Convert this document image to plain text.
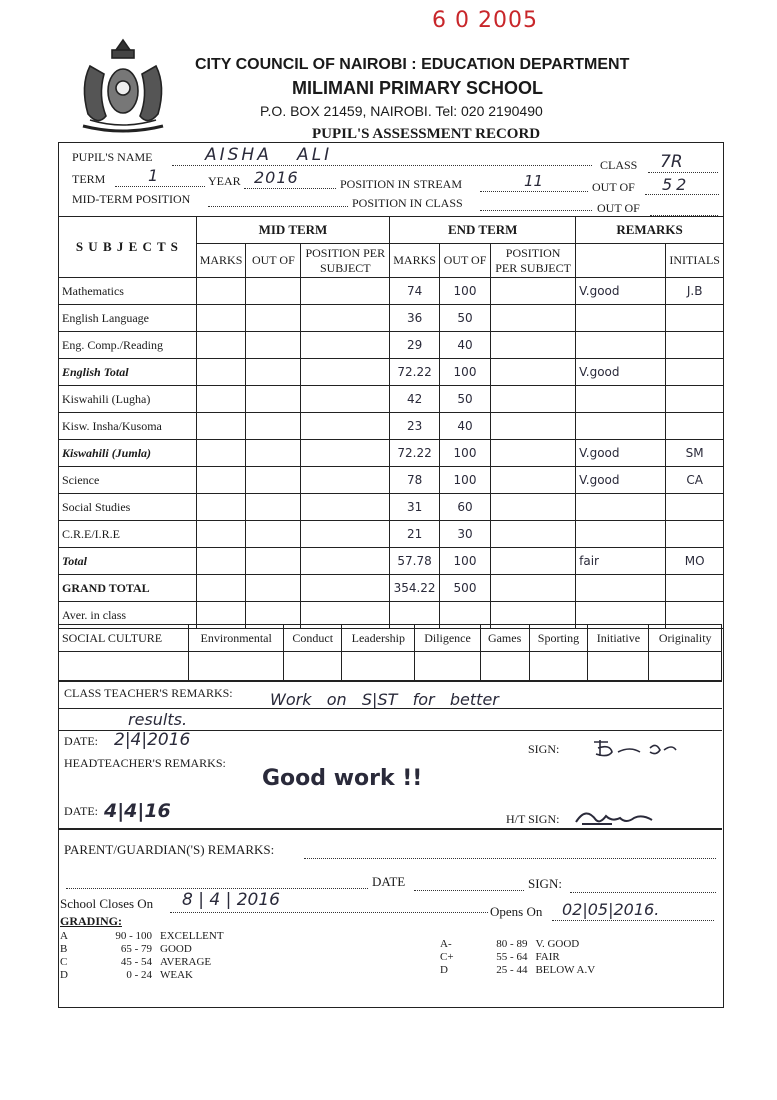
6 0 2005
CITY COUNCIL OF NAIROBI : EDUCATION DEPARTMENT
MILIMANI PRIMARY SCHOOL
P.O. BOX 21459, NAIROBI. Tel: 020 2190490
PUPIL'S ASSESSMENT RECORD
PUPIL'S NAME	AISHA   ALI	CLASS 7R
TERM	1	YEAR 2016	POSITION IN STREAM	11	OUT OF 52
MID-TERM POSITION	POSITION IN CLASS	OUT OF
S U B J E C T S	MID TERM			END TERM			REMARKS	
	MARKS	OUT OF	POSITION PER SUBJECT	MARKS	OUT OF	POSITION PER SUBJECT		INITIALS
Mathematics				74	100		V.good	J.B
English Language				36	50			
Eng. Comp./Reading				29	40			
English Total				72.22	100		V.good	
Kiswahili (Lugha)				42	50			
Kisw. Insha/Kusoma				23	40			
Kiswahili (Jumla)				72.22	100		V.good	SM
Science				78	100		V.good	CA
Social Studies				31	60			
C.R.E/I.R.E				21	30			
Total				57.78	100		fair	MO
GRAND TOTAL				354.22	500			
Aver. in class								
SOCIAL CULTURE	Environmental	Conduct	Leadership	Diligence	Games	Sporting	Initiative	Originality

CLASS TEACHER'S REMARKS: Work   on   S|ST   for   better
results.
DATE: 2|4|2016	SIGN:
HEADTEACHER'S REMARKS:
Good work !!
DATE: 4|4|16	H/T SIGN:
PARENT/GUARDIAN('S) REMARKS:
DATE	SIGN:
School Closes On 8 | 4 | 2016
Opens On 02|05|2016.
GRADING:
A	90 - 100 EXCELLENT
B	65 - 79 GOOD
C	45 - 54 AVERAGE
D	0 - 24 WEAK
A-	80 - 89 V. GOOD
C+	55 - 64 FAIR
D	25 - 44 BELOW A.V
